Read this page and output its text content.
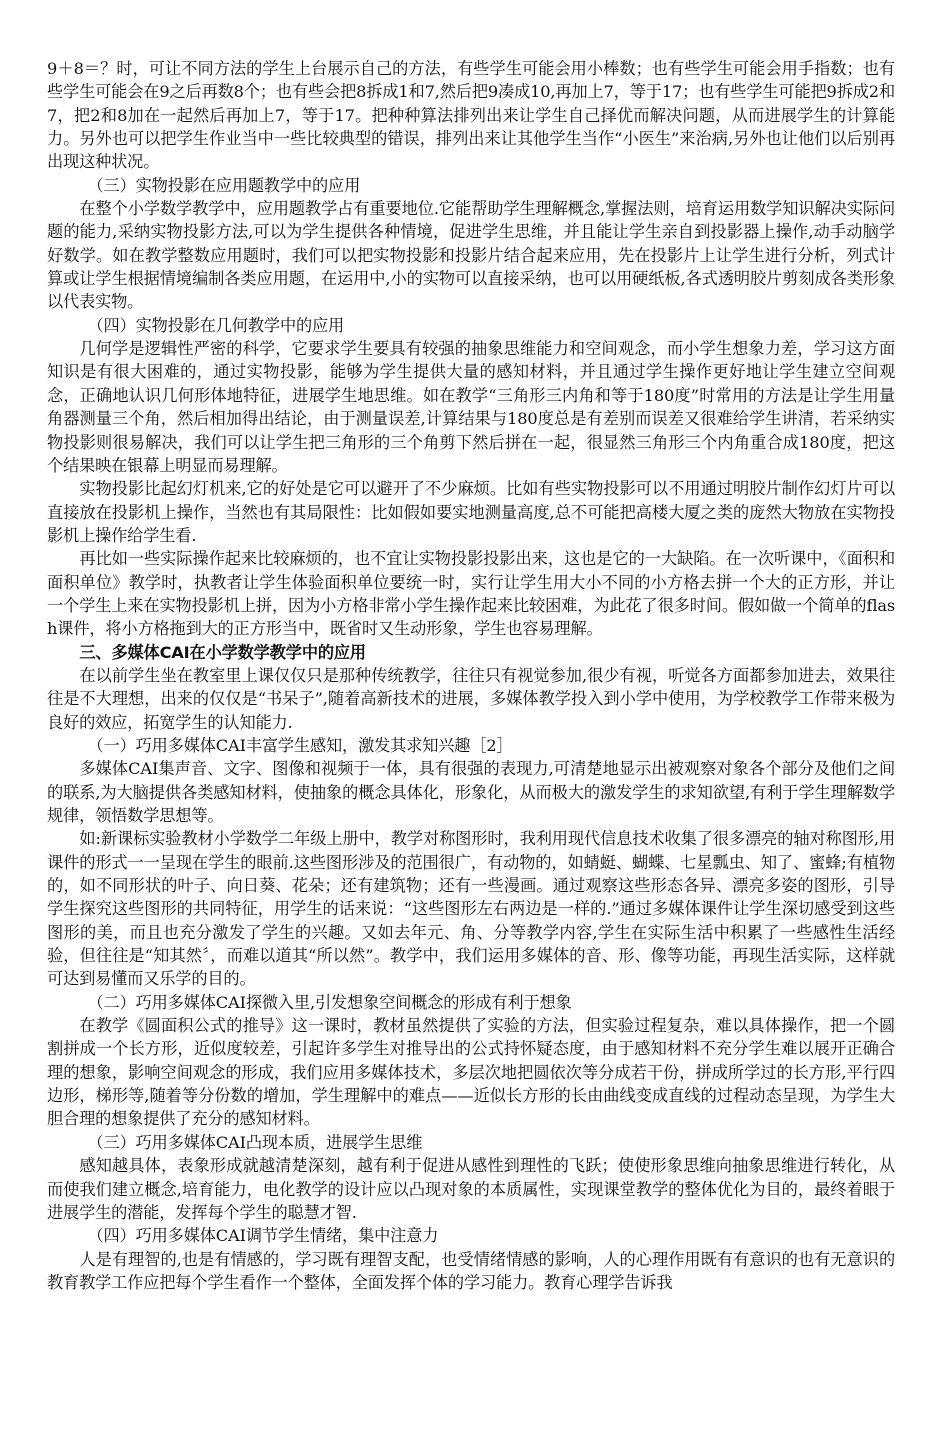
9＋8＝？时，可让不同方法的学生上台展示自己的方法，有些学生可能会用小棒数；也有些学生可能会用手指数；也有些学生可能会在9之后再数8个；也有些会把8拆成1和7,然后把9凑成10,再加上7，等于17；也有些学生可能把9拆成2和7，把2和8加在一起然后再加上7，等于17。把种种算法排列出来让学生自己择优而解决问题，从而进展学生的计算能力。另外也可以把学生作业当中一些比较典型的错误，排列出来让其他学生当作“小医生”来治病,另外也让他们以后别再出现这种状况。

（三）实物投影在应用题教学中的应用

在整个小学数学教学中，应用题教学占有重要地位.它能帮助学生理解概念,掌握法则，培育运用数学知识解决实际问题的能力,采纳实物投影方法,可以为学生提供各种情境，促进学生思维，并且能让学生亲自到投影器上操作,动手动脑学好数学。如在教学整数应用题时，我们可以把实物投影和投影片结合起来应用，先在投影片上让学生进行分析，列式计算或让学生根据情境编制各类应用题，在运用中,小的实物可以直接采纳，也可以用硬纸板,各式透明胶片剪刻成各类形象以代表实物。

（四）实物投影在几何教学中的应用

几何学是逻辑性严密的科学，它要求学生要具有较强的抽象思维能力和空间观念，而小学生想象力差，学习这方面知识是有很大困难的，通过实物投影，能够为学生提供大量的感知材料，并且通过学生操作更好地让学生建立空间观念，正确地认识几何形体地特征，进展学生地思维。如在教学“三角形三内角和等于180度”时常用的方法是让学生用量角器测量三个角，然后相加得出结论，由于测量误差,计算结果与180度总是有差别而误差又很难给学生讲清，若采纳实物投影则很易解决，我们可以让学生把三角形的三个角剪下然后拼在一起，很显然三角形三个内角重合成180度，把这个结果映在银幕上明显而易理解。

实物投影比起幻灯机来,它的好处是它可以避开了不少麻烦。比如有些实物投影可以不用通过明胶片制作幻灯片可以直接放在投影机上操作，当然也有其局限性：比如假如要实地测量高度,总不可能把高楼大厦之类的庞然大物放在实物投影机上操作给学生看.

再比如一些实际操作起来比较麻烦的，也不宜让实物投影投影出来，这也是它的一大缺陷。在一次听课中，《面积和面积单位》教学时，执教者让学生体验面积单位要统一时，实行让学生用大小不同的小方格去拼一个大的正方形，并让一个学生上来在实物投影机上拼，因为小方格非常小学生操作起来比较困难，为此花了很多时间。假如做一个简单的flash课件，将小方格拖到大的正方形当中，既省时又生动形象，学生也容易理解。

三、多媒体CAI在小学数学教学中的应用

在以前学生坐在教室里上课仅仅只是那种传统教学，往往只有视觉参加,很少有视，听觉各方面都参加进去，效果往往是不大理想，出来的仅仅是“书呆子”,随着高新技术的进展，多媒体教学投入到小学中使用，为学校教学工作带来极为良好的效应，拓宽学生的认知能力.

（一）巧用多媒体CAI丰富学生感知，激发其求知兴趣［2］

多媒体CAI集声音、文字、图像和视频于一体，具有很强的表现力,可清楚地显示出被观察对象各个部分及他们之间的联系,为大脑提供各类感知材料，使抽象的概念具体化，形象化，从而极大的激发学生的求知欲望,有利于学生理解数学规律，领悟数学思想等。

如:新课标实验教材小学数学二年级上册中，教学对称图形时，我利用现代信息技术收集了很多漂亮的轴对称图形,用课件的形式一一呈现在学生的眼前.这些图形涉及的范围很广，有动物的，如蜻蜓、蝴蝶、七星瓢虫、知了、蜜蜂;有植物的，如不同形状的叶子、向日葵、花朵；还有建筑物；还有一些漫画。通过观察这些形态各异、漂亮多姿的图形，引导学生探究这些图形的共同特征，用学生的话来说：“这些图形左右两边是一样的.”通过多媒体课件让学生深切感受到这些图形的美，而且也充分激发了学生的兴趣。又如去年元、角、分等教学内容,学生在实际生活中积累了一些感性生活经验，但往往是“知其然〞，而难以道其“所以然”。教学中，我们运用多媒体的音、形、像等功能，再现生活实际，这样就可达到易懂而又乐学的目的。

（二）巧用多媒体CAI探微入里,引发想象空间概念的形成有利于想象

在教学《圆面积公式的推导》这一课时，教材虽然提供了实验的方法，但实验过程复杂，难以具体操作，把一个圆割拼成一个长方形，近似度较差，引起许多学生对推导出的公式持怀疑态度，由于感知材料不充分学生难以展开正确合理的想象，影响空间观念的形成，我们应用多媒体技术，多层次地把圆依次等分成若干份，拼成所学过的长方形,平行四边形，梯形等,随着等分份数的增加，学生理解中的难点——近似长方形的长由曲线变成直线的过程动态呈现，为学生大胆合理的想象提供了充分的感知材料。

（三）巧用多媒体CAI凸现本质，进展学生思维

感知越具体，表象形成就越清楚深刻，越有利于促进从感性到理性的飞跃；使使形象思维向抽象思维进行转化，从而使我们建立概念,培育能力，电化教学的设计应以凸现对象的本质属性，实现课堂教学的整体优化为目的，最终着眼于进展学生的潜能，发挥每个学生的聪慧才智.

（四）巧用多媒体CAI调节学生情绪，集中注意力

人是有理智的,也是有情感的，学习既有理智支配，也受情绪情感的影响，人的心理作用既有有意识的也有无意识的教育教学工作应把每个学生看作一个整体，全面发挥个体的学习能力。教育心理学告诉我
